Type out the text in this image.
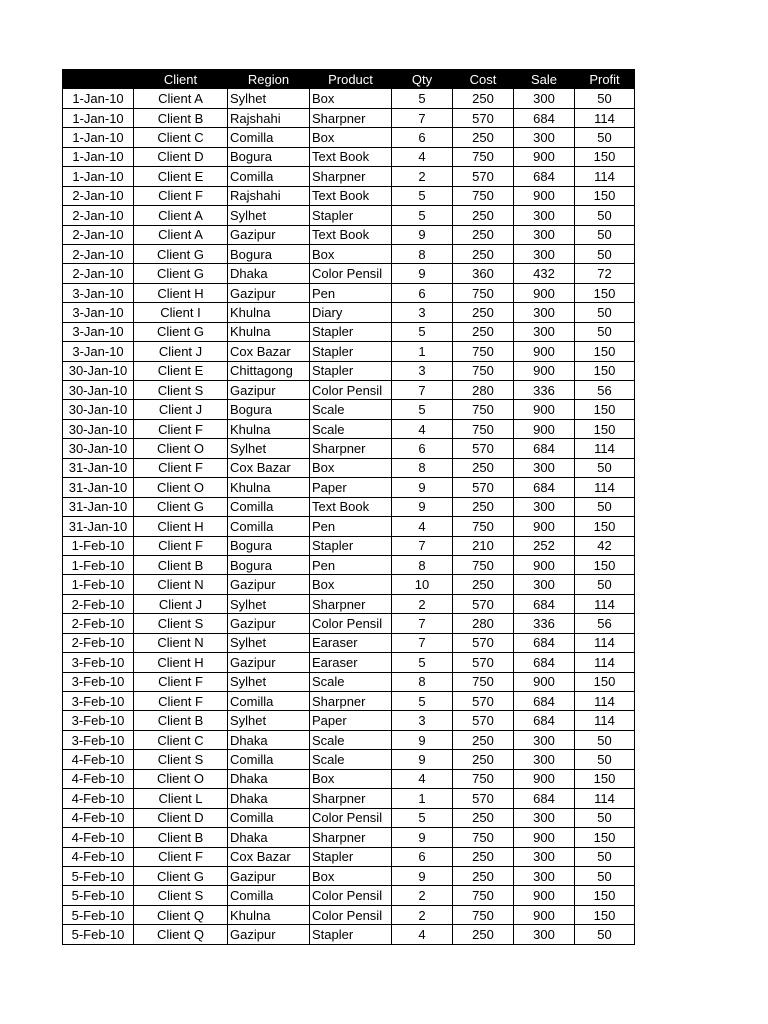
	Client	Region	Product	Qty	Cost	Sale	Profit
1-Jan-10	Client A	Sylhet	Box	5	250	300	50
1-Jan-10	Client B	Rajshahi	Sharpner	7	570	684	114
1-Jan-10	Client C	Comilla	Box	6	250	300	50
1-Jan-10	Client D	Bogura	Text Book	4	750	900	150
1-Jan-10	Client E	Comilla	Sharpner	2	570	684	114
2-Jan-10	Client F	Rajshahi	Text Book	5	750	900	150
2-Jan-10	Client A	Sylhet	Stapler	5	250	300	50
2-Jan-10	Client A	Gazipur	Text Book	9	250	300	50
2-Jan-10	Client G	Bogura	Box	8	250	300	50
2-Jan-10	Client G	Dhaka	Color Pensil	9	360	432	72
3-Jan-10	Client H	Gazipur	Pen	6	750	900	150
3-Jan-10	Client I	Khulna	Diary	3	250	300	50
3-Jan-10	Client G	Khulna	Stapler	5	250	300	50
3-Jan-10	Client J	Cox Bazar	Stapler	1	750	900	150
30-Jan-10	Client E	Chittagong	Stapler	3	750	900	150
30-Jan-10	Client S	Gazipur	Color Pensil	7	280	336	56
30-Jan-10	Client J	Bogura	Scale	5	750	900	150
30-Jan-10	Client F	Khulna	Scale	4	750	900	150
30-Jan-10	Client O	Sylhet	Sharpner	6	570	684	114
31-Jan-10	Client F	Cox Bazar	Box	8	250	300	50
31-Jan-10	Client O	Khulna	Paper	9	570	684	114
31-Jan-10	Client G	Comilla	Text Book	9	250	300	50
31-Jan-10	Client H	Comilla	Pen	4	750	900	150
1-Feb-10	Client F	Bogura	Stapler	7	210	252	42
1-Feb-10	Client B	Bogura	Pen	8	750	900	150
1-Feb-10	Client N	Gazipur	Box	10	250	300	50
2-Feb-10	Client J	Sylhet	Sharpner	2	570	684	114
2-Feb-10	Client S	Gazipur	Color Pensil	7	280	336	56
2-Feb-10	Client N	Sylhet	Earaser	7	570	684	114
3-Feb-10	Client H	Gazipur	Earaser	5	570	684	114
3-Feb-10	Client F	Sylhet	Scale	8	750	900	150
3-Feb-10	Client F	Comilla	Sharpner	5	570	684	114
3-Feb-10	Client B	Sylhet	Paper	3	570	684	114
3-Feb-10	Client C	Dhaka	Scale	9	250	300	50
4-Feb-10	Client S	Comilla	Scale	9	250	300	50
4-Feb-10	Client O	Dhaka	Box	4	750	900	150
4-Feb-10	Client L	Dhaka	Sharpner	1	570	684	114
4-Feb-10	Client D	Comilla	Color Pensil	5	250	300	50
4-Feb-10	Client B	Dhaka	Sharpner	9	750	900	150
4-Feb-10	Client F	Cox Bazar	Stapler	6	250	300	50
5-Feb-10	Client G	Gazipur	Box	9	250	300	50
5-Feb-10	Client S	Comilla	Color Pensil	2	750	900	150
5-Feb-10	Client Q	Khulna	Color Pensil	2	750	900	150
5-Feb-10	Client Q	Gazipur	Stapler	4	250	300	50
